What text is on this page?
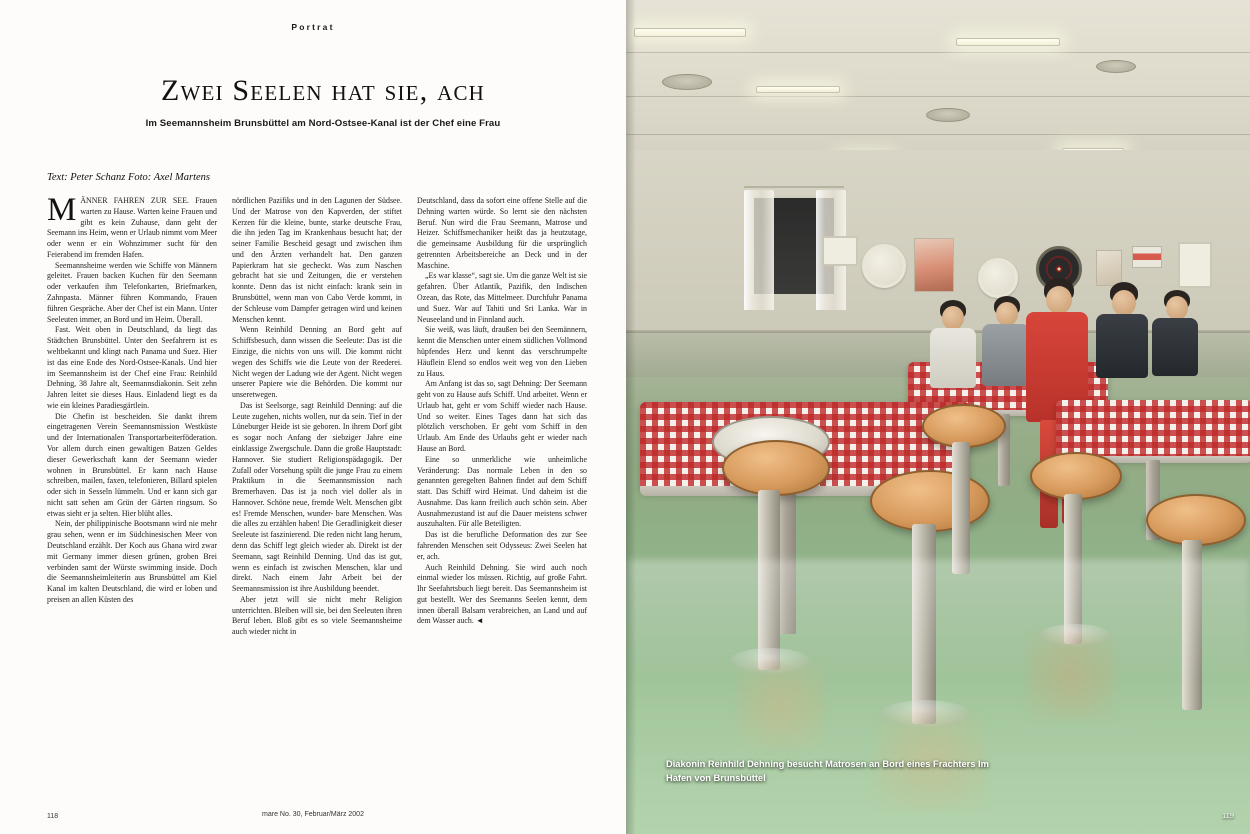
Portrat
Zwei Seelen hat sie, ach
Im Seemannsheim Brunsbüttel am Nord-Ostsee-Kanal ist der Chef eine Frau
Text: Peter Schanz Foto: Axel Martens

MÄNNER FAHREN ZUR SEE. Frauen warten zu Hause. Warten keine Frauen und gibt es kein Zuhause, dann geht der Seemann ins Heim, wenn er Urlaub nimmt vom Meer oder wenn er ein Wohnzimmer sucht für den Feierabend im fremden Hafen.

Seemannsheime werden wie Schiffe von Männern geleitet. Frauen backen Kuchen für den Seemann oder verkaufen ihm Telefonkarten, Briefmarken, Zahnpasta. Männer führen Kommando, Frauen führen Gespräche. Aber der Chef ist ein Mann. Unter Seeleuten immer, an Bord und im Heim. Überall.

Fast. Weit oben in Deutschland, da liegt das Städtchen Brunsbüttel. Unter den Seefahrern ist es weltbekannt und klingt nach Panama und Suez. Hier ist das eine Ende des Nord-Ostsee-Kanals. Und hier im Seemannsheim ist der Chef eine Frau: Reinhild Dehning, 38 Jahre alt, Seemannsdiakonin. Seit zehn Jahren leitet sie dieses Haus. Einladend liegt es da wie ein kleines Paradiesgärtlein.

Die Chefin ist bescheiden. Sie dankt ihrem eingetragenen Verein Seemannsmission Westküste und der Internationalen Transportarbeiterföderation. Vor allem durch einen gewaltigen Batzen Geldes dieser Gewerkschaft kann der Seemann wieder wohnen in Brunsbüttel. Er kann nach Hause schreiben, mailen, faxen, telefonieren, Billard spielen oder sich in Sesseln lümmeln. Und er kann sich gar nicht satt sehen am Grün der Gärten ringsum. So etwas sieht er ja selten. Hier blüht alles.

Nein, der philippinische Bootsmann wird nie mehr grau sehen, wenn er im Südchinesischen Meer von Deutschland erzählt. Der Koch aus Ghana wird zwar mit Germany immer diesen grünen, groben Brei verbinden samt der Würste swimming inside. Doch die Seemannsheimleiterin aus Brunsbüttel am Kiel Kanal im kalten Deutschland, die wird er loben und preisen an allen Küsten des

nördlichen Pazifiks und in den Lagunen der Südsee. Und der Matrose von den Kapverden, der stiftet Kerzen für die kleine, bunte, starke deutsche Frau, die ihn jeden Tag im Krankenhaus besucht hat; der seiner Familie Bescheid gesagt und zwischen ihm und den Ärzten verhandelt hat. Den ganzen Papierkram hat sie gecheckt. Was zum Naschen gebracht hat sie und Zeitungen, die er verstehen konnte. Denn das ist nicht einfach: krank sein in Brunsbüttel, wenn man von Cabo Verde kommt, in der Schleuse vom Dampfer getragen wird und keinen Menschen kennt.

Wenn Reinhild Denning an Bord geht auf Schiffsbesuch, dann wissen die Seeleute: Das ist die Einzige, die nichts von uns will. Die kommt nicht wegen des Schiffs wie die Leute von der Reederei. Nicht wegen der Ladung wie der Agent. Nicht wegen unserer Papiere wie die Behörden. Die kommt nur unseretwegen.

Das ist Seelsorge, sagt Reinhild Denning: auf die Leute zugehen, nichts wollen, nur da sein. Tief in der Lüneburger Heide ist sie geboren. In ihrem Dorf gibt es sogar noch Anfang der siebziger Jahre eine einklassige Zwergschule. Dann die große Hauptstadt: Hannover. Sie studiert Religionspädagogik. Der Zufall oder Vorsehung spült die junge Frau zu einem Praktikum in die Seemannsmission nach Bremerhaven. Das ist ja noch viel doller als in Hannover. Schöne neue, fremde Welt. Menschen gibt es! Fremde Menschen, wunder- bare Menschen. Was die alles zu erzählen haben! Die Geradlinigkeit dieser Seeleute ist faszinierend. Die reden nicht lang herum, denn das Schiff legt gleich wieder ab. Direkt ist der Seemann, sagt Reinhild Denning. Und das ist gut, wenn es einfach ist zwischen Menschen, klar und direkt. Nach einem Jahr Arbeit bei der Seemannsmission ist ihre Ausbildung beendet.

Aber jetzt will sie nicht mehr Religion unterrichten. Bleiben will sie, bei den Seeleuten ihren Beruf leben. Bloß gibt es so viele Seemannsheime auch wieder nicht in

Deutschland, dass da sofort eine offene Stelle auf die Dehning warten würde. So lernt sie den nächsten Beruf. Nun wird die Frau Seemann, Matrose und Heizer. Schiffsmechaniker heißt das ja heutzutage, die gemeinsame Ausbildung für die ursprünglich getrennten Arbeitsbereiche an Deck und in der Maschine.

„Es war klasse“, sagt sie. Um die ganze Welt ist sie gefahren. Über Atlantik, Pazifik, den Indischen Ozean, das Rote, das Mittelmeer. Durchfuhr Panama und Suez. War auf Tahiti und Sri Lanka. War in Neuseeland und in Finnland auch.

Sie weiß, was läuft, draußen bei den Seemännern, kennt die Menschen unter einem südlichen Vollmond hüpfendes Herz und kennt das verschrumpelte Häuflein Elend so endlos weit weg von den Lieben zu Haus.

Am Anfang ist das so, sagt Dehning: Der Seemann geht von zu Hause aufs Schiff. Und arbeitet. Wenn er Urlaub hat, geht er vom Schiff wieder nach Hause. Und so weiter. Eines Tages dann hat sich das plötzlich verschoben. Er geht vom Schiff in den Urlaub. Am Ende des Urlaubs geht er wieder nach Hause an Bord.

Eine so unmerkliche wie unheimliche Veränderung: Das normale Leben in den so genannten geregelten Bahnen findet auf dem Schiff statt. Das Schiff wird Heimat. Und daheim ist die Ausnahme. Das kann freilich auch schön sein. Aber Ausnahmezustand ist auf die Dauer meistens schwer auszuhalten. Für alle Beteiligten.

Das ist die berufliche Deformation des zur See fahrenden Menschen seit Odysseus: Zwei Seelen hat er, ach.

Auch Reinhild Dehning. Sie wird auch noch einmal wieder los müssen. Richtig, auf große Fahrt. Ihr Seefahrtsbuch liegt bereit. Das Seemannsheim ist gut bestellt. Wer des Seemanns Seelen kennt, dem innen überall Balsam verabreichen, an Land und auf dem Wasser auch. ◄

118	mare No. 30, Februar/März 2002
Diakonin Reinhild Dehning besucht Matrosen an Bord eines Frachters Im Hafen von Brunsbüttel
119
